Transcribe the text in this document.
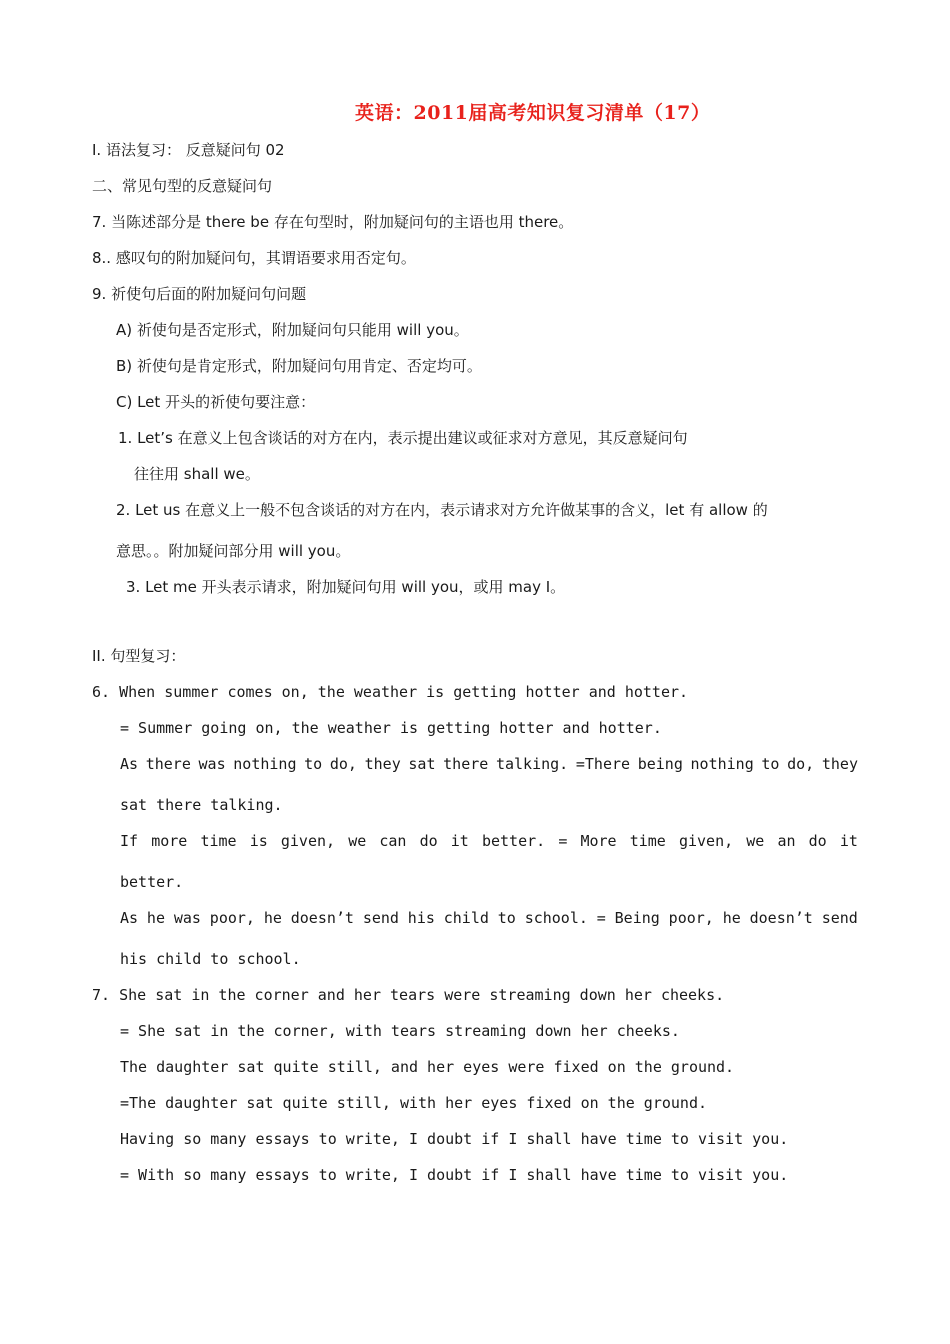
英语：2011届高考知识复习清单（17）
I. 语法复习： 反意疑问句 02
二、常见句型的反意疑问句
7. 当陈述部分是 there be 存在句型时，附加疑问句的主语也用 there。
8.. 感叹句的附加疑问句，其谓语要求用否定句。
9. 祈使句后面的附加疑问句问题
A) 祈使句是否定形式，附加疑问句只能用 will you。
B) 祈使句是肯定形式，附加疑问句用肯定、否定均可。
C) Let 开头的祈使句要注意：
1. Let’s 在意义上包含谈话的对方在内，表示提出建议或征求对方意见，其反意疑问句
往往用 shall we。
2. Let us 在意义上一般不包含谈话的对方在内，表示请求对方允许做某事的含义，let 有 allow 的
意思。。附加疑问部分用 will you。
3. Let me 开头表示请求，附加疑问句用 will you，或用 may I。
II. 句型复习：
6. When summer comes on, the weather is getting hotter and hotter.
= Summer going on, the weather is getting hotter and hotter.
As there was nothing to do, they sat there talking. =There being nothing to do, they
sat there talking.
If more time is given, we can do it better. = More time given, we an do it
better.
As he was poor, he doesn’t send his child to school. = Being poor, he doesn’t send
his child to school.
7. She sat in the corner and her tears were streaming down her cheeks.
= She sat in the corner, with tears streaming down her cheeks.
The daughter sat quite still, and her eyes were fixed on the ground.
=The daughter sat quite still, with her eyes fixed on the ground.
Having so many essays to write, I doubt if I shall have time to visit you.
= With so many essays to write, I doubt if I shall have time to visit you.
